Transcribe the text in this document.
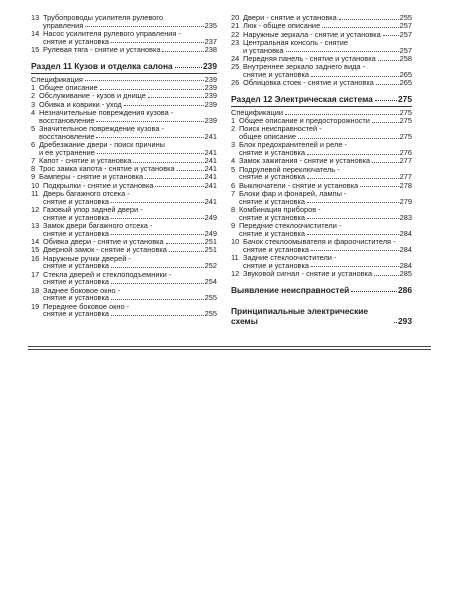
13 Трубопроводы усилителя рулевого
управления	235
14 Насос усилителя рулевого управления -
снятие и установка	237
15 Рулевая тяга - снятие и установка	238
Раздел 11 Кузов и отделка салона	239
Спецификация	239
1 Общее описание	239
2 Обслуживание - кузов и днище	239
3 Обивка и коврики - уход	239
4 Незначительные повреждения кузова -
восстановление	239
5 Значительное повреждение кузова -
восстановление	241
6 Дребезжание двери - поиск причины
и ее устранение	241
7 Капот - снятие и установка	241
8 Трос замка капота - снятие и установка	241
9 Бамперы - снятие и установка	241
10 Подкрылки - снятие и установка	241
11 Дверь багажного отсека -
снятие и установка	241
12 Газовый упор задней двери -
снятие и установка	249
13 Замок двери багажного отсека -
снятие и установка	249
14 Обивка двери - снятие и установка	251
15 Дверной замок - снятие и установка	251
16 Наружные ручки дверей -
снятие и установка	252
17 Стекла дверей и стеклоподъемники -
снятие и установка	254
18 Заднее боковое окно -
снятие и установка	255
19 Переднее боковое окно -
снятие и установка	255
20 Двери - снятие и установка	255
21 Люк - общее описание	257
22 Наружные зеркала - снятие и установка	257
23 Центральная консоль - снятие
и установка	257
24 Передняя панель - снятие и установка	258
25 Внутреннее зеркало заднего вида -
снятие и установка	265
26 Облицовка стоек - снятие и установка	265
Раздел 12 Электрическая система	275
Спецификации	275
1 Общее описание и предосторожности	275
2 Поиск неисправностей -
общее описание	275
3 Блок предохранителей и реле -
снятие и установка	276
4 Замок зажигания - снятие и установка	277
5 Подрулевой переключатель -
снятие и установка	277
6 Выключатели - снятие и установка	278
7 Блоки фар и фонарей, лампы -
снятие и установка	279
8 Комбинация приборов -
снятие и установка	283
9 Передние стеклоочистители -
снятие и установка	284
10 Бачок стеклоомывателя и фароочистителя -
снятие и установка	284
11 Задние стеклоочистители -
снятие и установка	284
12 Звуковой сигнал - снятие и установка	285
Выявление неисправностей	286
Принципиальные электрические схемы	293
